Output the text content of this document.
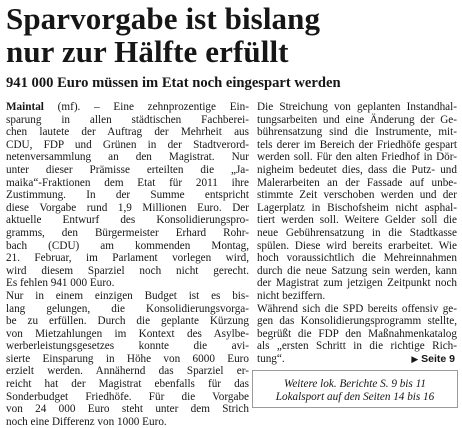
Sparvorgabe ist bislang
nur zur Hälfte erfüllt
941 000 Euro müssen im Etat noch eingespart werden
Maintal (mf). – Eine zehnprozentige Ein-
sparung in allen städtischen Fachberei-
chen lautete der Auftrag der Mehrheit aus
CDU, FDP und Grünen in der Stadtverord-
netenversammlung an den Magistrat. Nur
unter dieser Prämisse erteilten die „Ja-
maika“-Fraktionen dem Etat für 2011 ihre
Zustimmung. In der Summe entspricht
diese Vorgabe rund 1,9 Millionen Euro. Der
aktuelle Entwurf des Konsolidierungspro-
gramms, den Bürgermeister Erhard Rohr-
bach (CDU) am kommenden Montag,
21. Februar, im Parlament vorlegen wird,
wird diesem Sparziel noch nicht gerecht.
Es fehlen 941 000 Euro.
Nur in einem einzigen Budget ist es bis-
lang gelungen, die Konsolidierungsvorga-
be zu erfüllen. Durch die geplante Kürzung
von Mietzahlungen im Kontext des Asylbe-
werberleistungsgesetzes konnte die avi-
sierte Einsparung in Höhe von 6000 Euro
erzielt werden. Annähernd das Sparziel er-
reicht hat der Magistrat ebenfalls für das
Sonderbudget Friedhöfe. Für die Vorgabe
von 24 000 Euro steht unter dem Strich
noch eine Differenz von 1000 Euro.
Die Streichung von geplanten Instandhal-
tungsarbeiten und eine Änderung der Ge-
bührensatzung sind die Instrumente, mit-
tels derer im Bereich der Friedhöfe gespart
werden soll. Für den alten Friedhof in Dör-
nigheim bedeutet dies, dass die Putz- und
Malerarbeiten an der Fassade auf unbe-
stimmte Zeit verschoben werden und der
Lagerplatz in Bischofsheim nicht asphal-
tiert werden soll. Weitere Gelder soll die
neue Gebührensatzung in die Stadtkasse
spülen. Diese wird bereits erarbeitet. Wie
hoch voraussichtlich die Mehreinnahmen
durch die neue Satzung sein werden, kann
der Magistrat zum jetzigen Zeitpunkt noch
nicht beziffern.
Während sich die SPD bereits offensiv ge-
gen das Konsolidierungsprogramm stellte,
begrüßt die FDP den Maßnahmenkatalog
als „ersten Schritt in die richtige Rich-
tung“.	▶ Seite 9
Weitere lok. Berichte S. 9 bis 11
Lokalsport auf den Seiten 14 bis 16
